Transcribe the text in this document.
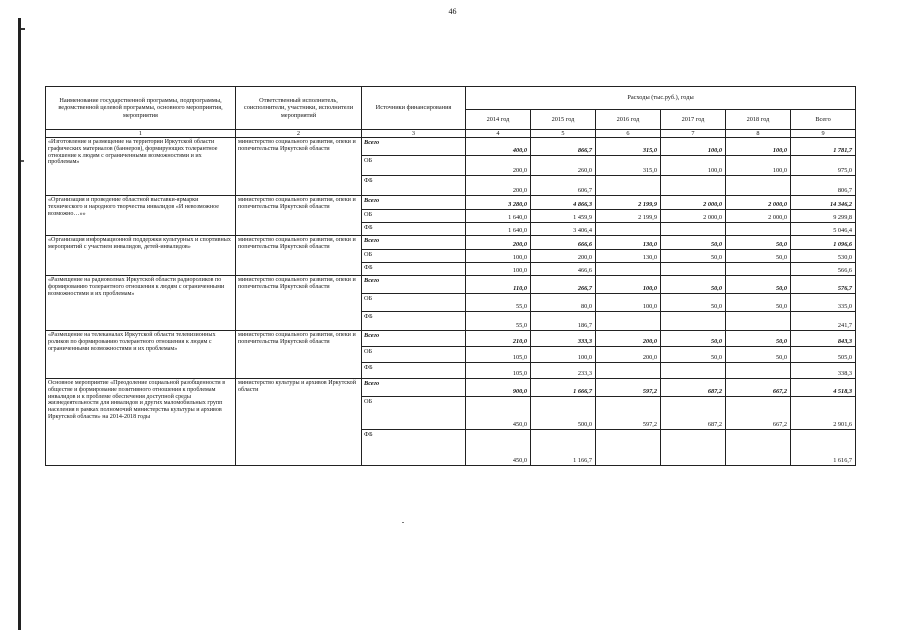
46
Наименование государственной программы, подпрограммы, ведомственной целевой программы, основного мероприятия, мероприятия	Ответственный исполнитель, соисполнители, участники, исполнители мероприятий	Источники финансирования	Расходы (тыс.руб.), годы					
			2014 год	2015 год	2016 год	2017 год	2018 год	Всего
1	2	3	4	5	6	7	8	9
«Изготовление и размещение на территории Иркутской области графических материалов (баннеров), формирующих толерантное отношение к людям с ограниченными возможностями и их проблемам»	министерство социального развития, опеки и попечительства Иркутской области	Всего	400,0	866,7	315,0	100,0	100,0	1 781,7
		ОБ	200,0	260,0	315,0	100,0	100,0	975,0
		ФБ	200,0	606,7				806,7
«Организация и проведение областной выставки-ярмарки технического и народного творчества инвалидов «И невозможное возможно…»»	министерство социального развития, опеки и попечительства Иркутской области	Всего	3 280,0	4 866,3	2 199,9	2 000,0	2 000,0	14 346,2
		ОБ	1 640,0	1 459,9	2 199,9	2 000,0	2 000,0	9 299,8
		ФБ	1 640,0	3 406,4				5 046,4
«Организация информационной поддержки культурных и спортивных мероприятий с участием инвалидов, детей-инвалидов»	министерство социального развития, опеки и попечительства Иркутской области	Всего	200,0	666,6	130,0	50,0	50,0	1 096,6
		ОБ	100,0	200,0	130,0	50,0	50,0	530,0
		ФБ	100,0	466,6				566,6
«Размещение на радиоволнах Иркутской области радиороликов по формированию толерантного отношения к людям с ограниченными возможностями и их проблемам»	министерство социального развития, опеки и попечительства Иркутской области	Всего	110,0	266,7	100,0	50,0	50,0	576,7
		ОБ	55,0	80,0	100,0	50,0	50,0	335,0
		ФБ	55,0	186,7				241,7
«Размещение на телеканалах Иркутской области телевизионных роликов по формированию толерантного отношения к людям с ограниченными возможностями и их проблемам»	министерство социального развития, опеки и попечительства Иркутской области	Всего	210,0	333,3	200,0	50,0	50,0	843,3
		ОБ	105,0	100,0	200,0	50,0	50,0	505,0
		ФБ	105,0	233,3				338,3
Основное мероприятие «Преодоление социальной разобщенности в обществе и формирование позитивного отношения к проблемам инвалидов и к проблеме обеспечения доступной среды жизнедеятельности для инвалидов и других маломобильных групп населения в рамках полномочий министерства культуры и архивов Иркутской области» на 2014-2018 годы	министерство культуры и архивов Иркутской области	Всего	900,0	1 666,7	597,2	687,2	667,2	4 518,3
		ОБ	450,0	500,0	597,2	687,2	667,2	2 901,6
		ФБ	450,0	1 166,7				1 616,7
